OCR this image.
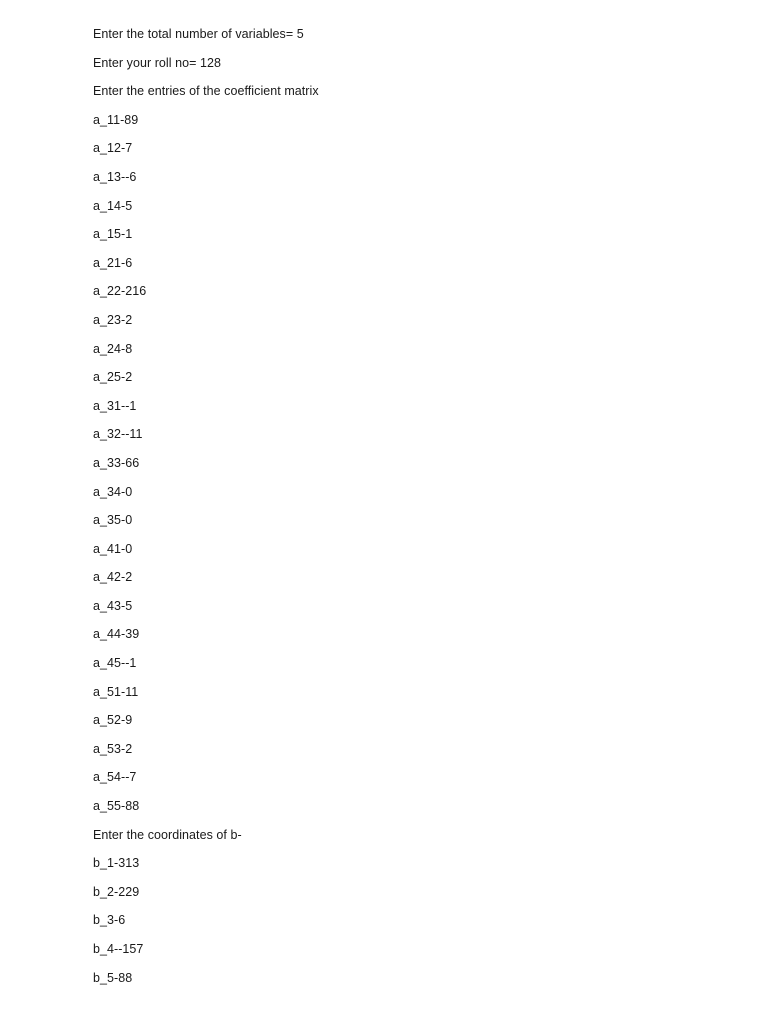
Enter the total number of variables= 5
Enter your roll no= 128
Enter the entries of the coefficient matrix
a_11-89
a_12-7
a_13--6
a_14-5
a_15-1
a_21-6
a_22-216
a_23-2
a_24-8
a_25-2
a_31--1
a_32--11
a_33-66
a_34-0
a_35-0
a_41-0
a_42-2
a_43-5
a_44-39
a_45--1
a_51-11
a_52-9
a_53-2
a_54--7
a_55-88
Enter the coordinates of b-
b_1-313
b_2-229
b_3-6
b_4--157
b_5-88
